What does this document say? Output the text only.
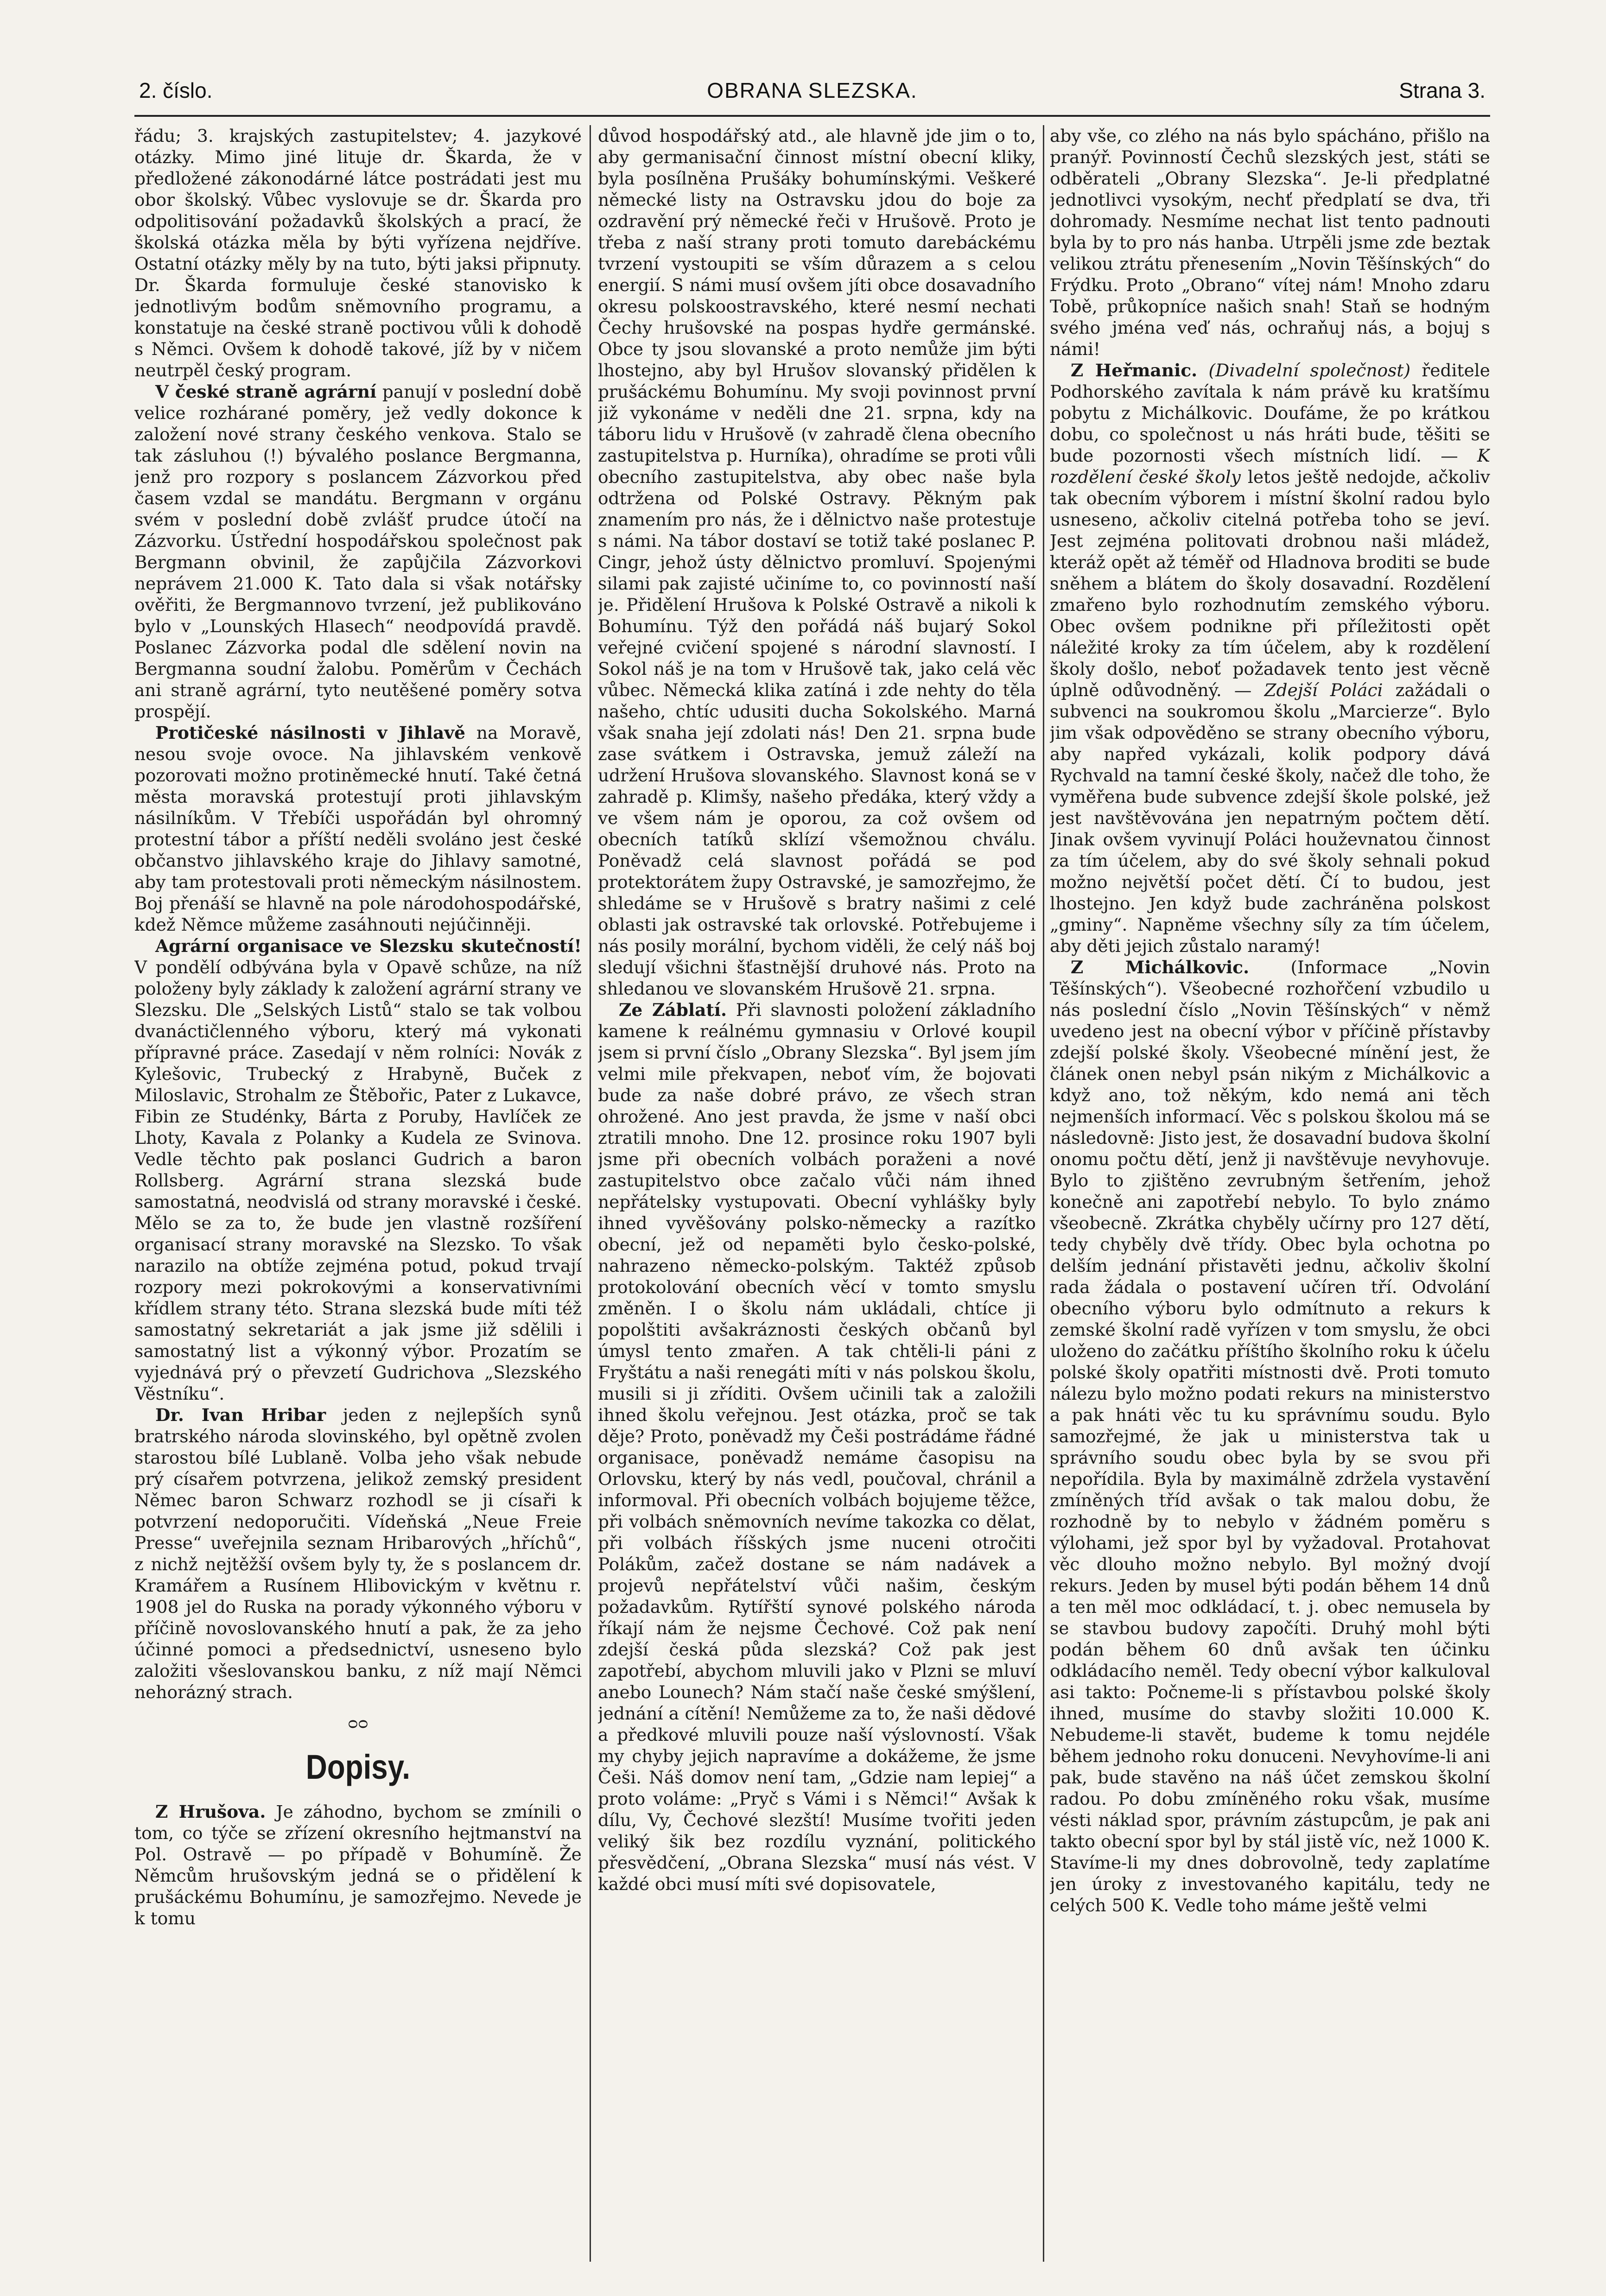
2. číslo.	OBRANA SLEZSKA.	Strana 3.

řádu; 3. krajských zastupitelstev; 4. jazykové otázky. Mimo jiné lituje dr. Škarda, že v předložené zákonodárné látce postrádati jest mu obor školský. Vůbec vyslovuje se dr. Škarda pro odpolitisování požadavků školských a prací, že školská otázka měla by býti vyřízena nejdříve. Ostatní otázky měly by na tuto, býti jaksi připnuty. Dr. Škarda formuluje české stanovisko k jednotlivým bodům sněmovního programu, a konstatuje na české straně poctivou vůli k dohodě s Němci. Ovšem k dohodě takové, jíž by v ničem neutrpěl český program.

V české straně agrární panují v poslední době velice rozhárané poměry, jež vedly dokonce k založení nové strany českého venkova. Stalo se tak zásluhou (!) bývalého poslance Bergmanna, jenž pro rozpory s poslancem Zázvorkou před časem vzdal se mandátu. Bergmann v orgánu svém v poslední době zvlášť prudce útočí na Zázvorku. Ústřední hospodářskou společnost pak Bergmann obvinil, že zapůjčila Zázvorkovi neprávem 21.000 K. Tato dala si však notářsky ověřiti, že Bergmannovo tvrzení, jež publikováno bylo v „Lounských Hlasech“ neodpovídá pravdě. Poslanec Zázvorka podal dle sdělení novin na Bergmanna soudní žalobu. Poměrům v Čechách ani straně agrární, tyto neutěšené poměry sotva prospějí.

Protičeské násilnosti v Jihlavě na Moravě, nesou svoje ovoce. Na jihlavském venkově pozorovati možno protiněmecké hnutí. Také četná města moravská protestují proti jihlavským násilníkům. V Třebíči uspořádán byl ohromný protestní tábor a příští neděli svoláno jest české občanstvo jihlavského kraje do Jihlavy samotné, aby tam protestovali proti německým násilnostem. Boj přenáší se hlavně na pole národohospodářské, kdež Němce můžeme zasáhnouti nejúčinněji.

Agrární organisace ve Slezsku skutečností! V pondělí odbývána byla v Opavě schůze, na níž položeny byly základy k založení agrární strany ve Slezsku. Dle „Selských Listů“ stalo se tak volbou dvanáctičlenného výboru, který má vykonati přípravné práce. Zasedají v něm rolníci: Novák z Kylešovic, Trubecký z Hrabyně, Buček z Miloslavic, Strohalm ze Štěbořic, Pater z Lukavce, Fibin ze Studénky, Bárta z Poruby, Havlíček ze Lhoty, Kavala z Polanky a Kudela ze Svinova. Vedle těchto pak poslanci Gudrich a baron Rollsberg. Agrární strana slezská bude samostatná, neodvislá od strany moravské i české. Mělo se za to, že bude jen vlastně rozšíření organisací strany moravské na Slezsko. To však narazilo na obtíže zejména potud, pokud trvají rozpory mezi pokrokovými a konservativními křídlem strany této. Strana slezská bude míti též samostatný sekretariát a jak jsme již sdělili i samostatný list a výkonný výbor. Prozatím se vyjednává prý o převzetí Gudrichova „Slezského Věstníku“.

Dr. Ivan Hribar jeden z nejlepších synů bratrského národa slovinského, byl opětně zvolen starostou bílé Lublaně. Volba jeho však nebude prý císařem potvrzena, jelikož zemský president Němec baron Schwarz rozhodl se ji císaři k potvrzení nedoporučiti. Vídeňská „Neue Freie Presse“ uveřejnila seznam Hribarových „hříchů“, z nichž nejtěžší ovšem byly ty, že s poslancem dr. Kramářem a Rusínem Hlibovickým v květnu r. 1908 jel do Ruska na porady výkonného výboru v příčině novoslovanského hnutí a pak, že za jeho účinné pomoci a předsednictví, usneseno bylo založiti všeslovanskou banku, z níž mají Němci nehorázný strach.

ᴑᴑ

Dopisy.

Z Hrušova. Je záhodno, bychom se zmínili o tom, co týče se zřízení okresního hejtmanství na Pol. Ostravě — po případě v Bohumíně. Že Němcům hrušovským jedná se o přidělení k prušáckému Bohumínu, je samozřejmo. Nevede je k tomu

důvod hospodářský atd., ale hlavně jde jim o to, aby germanisační činnost místní obecní kliky, byla posílněna Prušáky bohumínskými. Veškeré německé listy na Ostravsku jdou do boje za ozdravění prý německé řeči v Hrušově. Proto je třeba z naší strany proti tomuto darebáckému tvrzení vystoupiti se vším důrazem a s celou energií. S námi musí ovšem jíti obce dosavadního okresu polskoostravského, které nesmí nechati Čechy hrušovské na pospas hydře germánské. Obce ty jsou slovanské a proto nemůže jim býti lhostejno, aby byl Hrušov slovanský přidělen k prušáckému Bohumínu. My svoji povinnost první již vykonáme v neděli dne 21. srpna, kdy na táboru lidu v Hrušově (v zahradě člena obecního zastupitelstva p. Hurníka), ohradíme se proti vůli obecního zastupitelstva, aby obec naše byla odtržena od Polské Ostravy. Pěkným pak znamením pro nás, že i dělnictvo naše protestuje s námi. Na tábor dostaví se totiž také poslanec P. Cingr, jehož ústy dělnictvo promluví. Spojenými silami pak zajisté učiníme to, co povinností naší je. Přidělení Hrušova k Polské Ostravě a nikoli k Bohumínu. Týž den pořádá náš bujarý Sokol veřejné cvičení spojené s národní slavností. I Sokol náš je na tom v Hrušově tak, jako celá věc vůbec. Německá klika zatíná i zde nehty do těla našeho, chtíc udusiti ducha Sokolského. Marná však snaha její zdolati nás! Den 21. srpna bude zase svátkem i Ostravska, jemuž záleží na udržení Hrušova slovanského. Slavnost koná se v zahradě p. Klimšy, našeho předáka, který vždy a ve všem nám je oporou, za což ovšem od obecních tatíků sklízí všemožnou chválu. Poněvadž celá slavnost pořádá se pod protektorátem župy Ostravské, je samozřejmo, že shledáme se v Hrušově s bratry našimi z celé oblasti jak ostravské tak orlovské. Potřebujeme i nás posily morální, bychom viděli, že celý náš boj sledují všichni šťastnější druhové nás. Proto na shledanou ve slovanském Hrušově 21. srpna.

Ze Záblatí. Při slavnosti položení základního kamene k reálnému gymnasiu v Orlové koupil jsem si první číslo „Obrany Slezska“. Byl jsem jím velmi mile překvapen, neboť vím, že bojovati bude za naše dobré právo, ze všech stran ohrožené. Ano jest pravda, že jsme v naší obci ztratili mnoho. Dne 12. prosince roku 1907 byli jsme při obecních volbách poraženi a nové zastupitelstvo obce začalo vůči nám ihned nepřátelsky vystupovati. Obecní vyhlášky byly ihned vyvěšovány polsko-německy a razítko obecní, jež od nepaměti bylo česko-polské, nahrazeno německo-polským. Taktéž způsob protokolování obecních věcí v tomto smyslu změněn. I o školu nám ukládali, chtíce ji popolštiti avšakráznosti českých občanů byl úmysl tento zmařen. A tak chtěli-li páni z Fryštátu a naši renegáti míti v nás polskou školu, musili si ji zříditi. Ovšem učinili tak a založili ihned školu veřejnou. Jest otázka, proč se tak děje? Proto, poněvadž my Češi postrádáme řádné organisace, poněvadž nemáme časopisu na Orlovsku, který by nás vedl, poučoval, chránil a informoval. Při obecních volbách bojujeme těžce, při volbách sněmovních nevíme takozka co dělat, při volbách říšských jsme nuceni otročiti Polákům, začež dostane se nám nadávek a projevů nepřátelství vůči našim, českým požadavkům. Rytířští synové polského národa říkají nám že nejsme Čechové. Což pak není zdejší česká půda slezská? Což pak jest zapotřebí, abychom mluvili jako v Plzni se mluví anebo Lounech? Nám stačí naše české smýšlení, jednání a cítění! Nemůžeme za to, že naši dědové a předkové mluvili pouze naší výslovností. Však my chyby jejich napravíme a dokážeme, že jsme Češi. Náš domov není tam, „Gdzie nam lepiej“ a proto voláme: „Pryč s Vámi i s Němci!“ Avšak k dílu, Vy, Čechové slezští! Musíme tvořiti jeden veliký šik bez rozdílu vyznání, politického přesvědčení, „Obrana Slezska“ musí nás vést. V každé obci musí míti své dopisovatele,

aby vše, co zlého na nás bylo spácháno, přišlo na pranýř. Povinností Čechů slezských jest, státi se odběrateli „Obrany Slezska“. Je-li předplatné jednotlivci vysokým, nechť předplatí se dva, tři dohromady. Nesmíme nechat list tento padnouti byla by to pro nás hanba. Utrpěli jsme zde beztak velikou ztrátu přenesením „Novin Těšínských“ do Frýdku. Proto „Obrano“ vítej nám! Mnoho zdaru Tobě, průkopníce našich snah! Staň se hodným svého jména veď nás, ochraňuj nás, a bojuj s námi!

Z Heřmanic. (Divadelní společnost) ředitele Podhorského zavítala k nám právě ku kratšímu pobytu z Michálkovic. Doufáme, že po krátkou dobu, co společnost u nás hráti bude, těšiti se bude pozornosti všech místních lidí. — K rozdělení české školy letos ještě nedojde, ačkoliv tak obecním výborem i místní školní radou bylo usneseno, ačkoliv citelná potřeba toho se jeví. Jest zejména politovati drobnou naši mládež, kteráž opět až téměř od Hladnova broditi se bude sněhem a blátem do školy dosavadní. Rozdělení zmařeno bylo rozhodnutím zemského výboru. Obec ovšem podnikne při příležitosti opět náležité kroky za tím účelem, aby k rozdělení školy došlo, neboť požadavek tento jest věcně úplně odůvodněný. — Zdejší Poláci zažádali o subvenci na soukromou školu „Marcierze“. Bylo jim však odpověděno se strany obecního výboru, aby napřed vykázali, kolik podpory dává Rychvald na tamní české školy, načež dle toho, že vyměřena bude subvence zdejší škole polské, jež jest navštěvována jen nepatrným počtem dětí. Jinak ovšem vyvinují Poláci houževnatou činnost za tím účelem, aby do své školy sehnali pokud možno největší počet dětí. Čí to budou, jest lhostejno. Jen když bude zachráněna polskost „gminy“. Napněme všechny síly za tím účelem, aby děti jejich zůstalo naramý!

Z Michálkovic. (Informace „Novin Těšínských“). Všeobecné rozhořčení vzbudilo u nás poslední číslo „Novin Těšínských“ v němž uvedeno jest na obecní výbor v příčině přístavby zdejší polské školy. Všeobecné mínění jest, že článek onen nebyl psán nikým z Michálkovic a když ano, tož někým, kdo nemá ani těch nejmenších informací. Věc s polskou školou má se následovně: Jisto jest, že dosavadní budova školní onomu počtu dětí, jenž ji navštěvuje nevyhovuje. Bylo to zjištěno zevrubným šetřením, jehož konečně ani zapotřebí nebylo. To bylo známo všeobecně. Zkrátka chyběly učírny pro 127 dětí, tedy chyběly dvě třídy. Obec byla ochotna po delším jednání přistavěti jednu, ačkoliv školní rada žádala o postavení učíren tří. Odvolání obecního výboru bylo odmítnuto a rekurs k zemské školní radě vyřízen v tom smyslu, že obci uloženo do začátku příštího školního roku k účelu polské školy opatřiti místnosti dvě. Proti tomuto nálezu bylo možno podati rekurs na ministerstvo a pak hnáti věc tu ku správnímu soudu. Bylo samozřejmé, že jak u ministerstva tak u správního soudu obec byla by se svou při nepořídila. Byla by maximálně zdržela vystavění zmíněných tříd avšak o tak malou dobu, že rozhodně by to nebylo v žádném poměru s výlohami, jež spor byl by vyžadoval. Protahovat věc dlouho možno nebylo. Byl možný dvojí rekurs. Jeden by musel býti podán během 14 dnů a ten měl moc odkládací, t. j. obec nemusela by se stavbou budovy započíti. Druhý mohl býti podán během 60 dnů avšak ten účinku odkládacího neměl. Tedy obecní výbor kalkuloval asi takto: Počneme-li s přístavbou polské školy ihned, musíme do stavby složiti 10.000 K. Nebudeme-li stavět, budeme k tomu nejdéle během jednoho roku donuceni. Nevyhovíme-li ani pak, bude stavěno na náš účet zemskou školní radou. Po dobu zmíněného roku však, musíme vésti náklad spor, právním zástupcům, je pak ani takto obecní spor byl by stál jistě víc, než 1000 K. Stavíme-li my dnes dobrovolně, tedy zaplatíme jen úroky z investovaného kapitálu, tedy ne celých 500 K. Vedle toho máme ještě velmi
